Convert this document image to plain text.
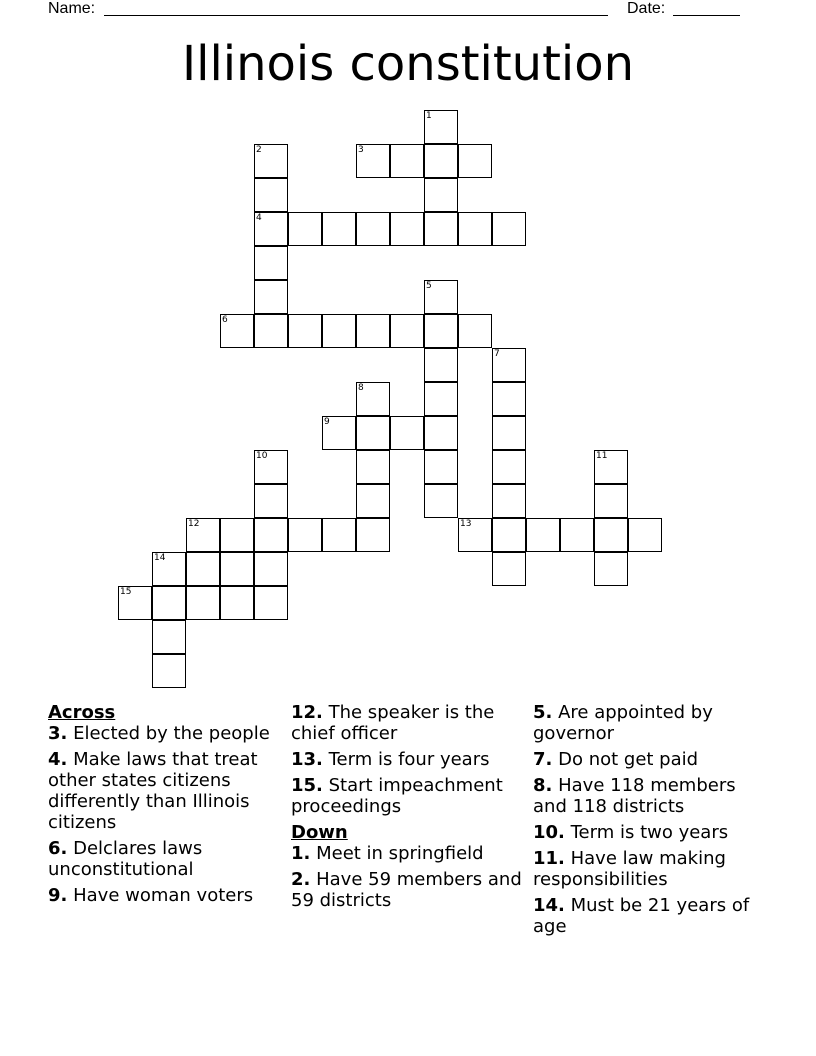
Name:	Date:
Illinois constitution
1
2	3
4
5
6
7
8
9
10	11
12	13
14
15
Across
3. Elected by the people
4. Make laws that treat other states citizens differently than Illinois citizens
6. Delclares laws unconstitutional
9. Have woman voters
12. The speaker is the chief officer
13. Term is four years
15. Start impeachment proceedings
Down
1. Meet in springfield
2. Have 59 members and 59 districts
5. Are appointed by governor
7. Do not get paid
8. Have 118 members and 118 districts
10. Term is two years
11. Have law making responsibilities
14. Must be 21 years of age
